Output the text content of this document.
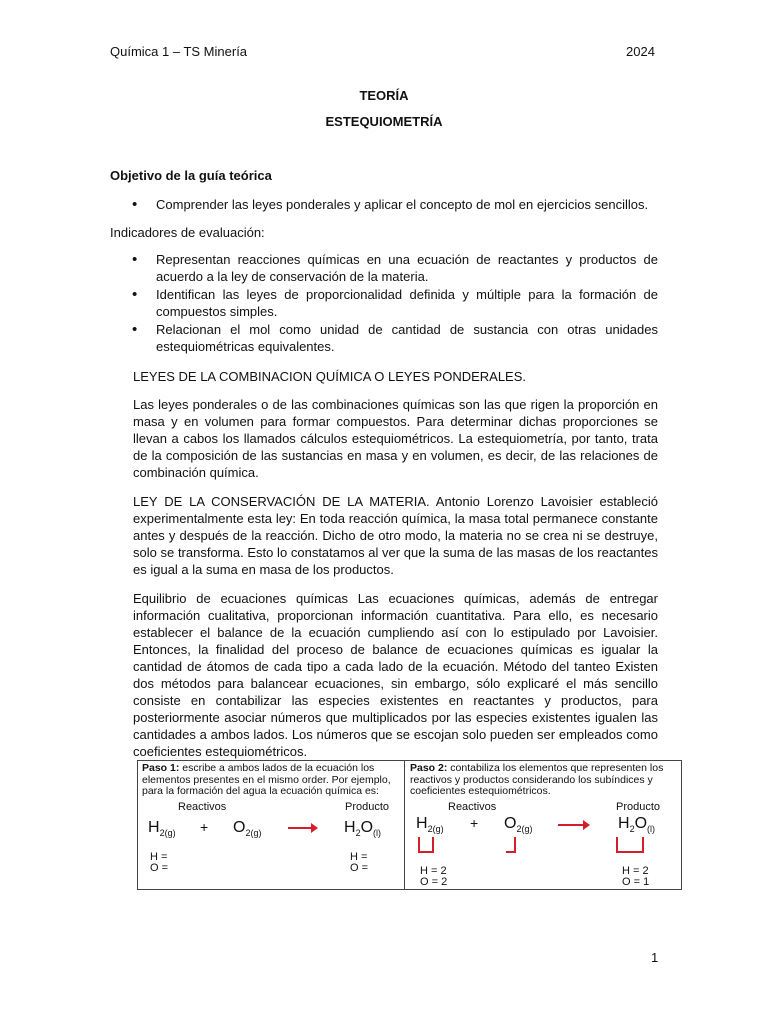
Química 1 – TS Minería	2024
TEORÍA
ESTEQUIOMETRÍA
Objetivo de la guía teórica
• Comprender las leyes ponderales y aplicar el concepto de mol en ejercicios sencillos.
Indicadores de evaluación:
• Representan reacciones químicas en una ecuación de reactantes y productos de acuerdo a la ley de conservación de la materia.
• Identifican las leyes de proporcionalidad definida y múltiple para la formación de compuestos simples.
• Relacionan el mol como unidad de cantidad de sustancia con otras unidades estequiométricas equivalentes.
LEYES DE LA COMBINACION QUÍMICA O LEYES PONDERALES.
Las leyes ponderales o de las combinaciones químicas son las que rigen la proporción en masa y en volumen para formar compuestos. Para determinar dichas proporciones se llevan a cabos los llamados cálculos estequiométricos. La estequiometría, por tanto, trata de la composición de las sustancias en masa y en volumen, es decir, de las relaciones de combinación química.
LEY DE LA CONSERVACIÓN DE LA MATERIA. Antonio Lorenzo Lavoisier estableció experimentalmente esta ley: En toda reacción química, la masa total permanece constante antes y después de la reacción. Dicho de otro modo, la materia no se crea ni se destruye, solo se transforma. Esto lo constatamos al ver que la suma de las masas de los reactantes es igual a la suma en masa de los productos.
Equilibrio de ecuaciones químicas Las ecuaciones químicas, además de entregar información cualitativa, proporcionan información cuantitativa. Para ello, es necesario establecer el balance de la ecuación cumpliendo así con lo estipulado por Lavoisier. Entonces, la finalidad del proceso de balance de ecuaciones químicas es igualar la cantidad de átomos de cada tipo a cada lado de la ecuación. Método del tanteo Existen dos métodos para balancear ecuaciones, sin embargo, sólo explicaré el más sencillo consiste en contabilizar las especies existentes en reactantes y productos, para posteriormente asociar números que multiplicados por las especies existentes igualen las cantidades a ambos lados. Los números que se escojan solo pueden ser empleados como coeficientes estequiométricos.
Paso 1: escribe a ambos lados de la ecuación los elementos presentes en el mismo order. Por ejemplo, para la formación del agua la ecuación química es:
Reactivos	Producto
$H_{2(g)} + O_{2(g)}$	$H_2O_{(l)}$
H =
O =
H =
O =
Paso 2: contabiliza los elementos que representen los reactivos y productos considerando los subíndices y coeficientes estequiométricos.
Reactivos	Producto
$H_{2(g)} + O_{2(g)}$	$H_2O_{(l)}$
H = 2
O = 2
H = 2
O = 1
1
